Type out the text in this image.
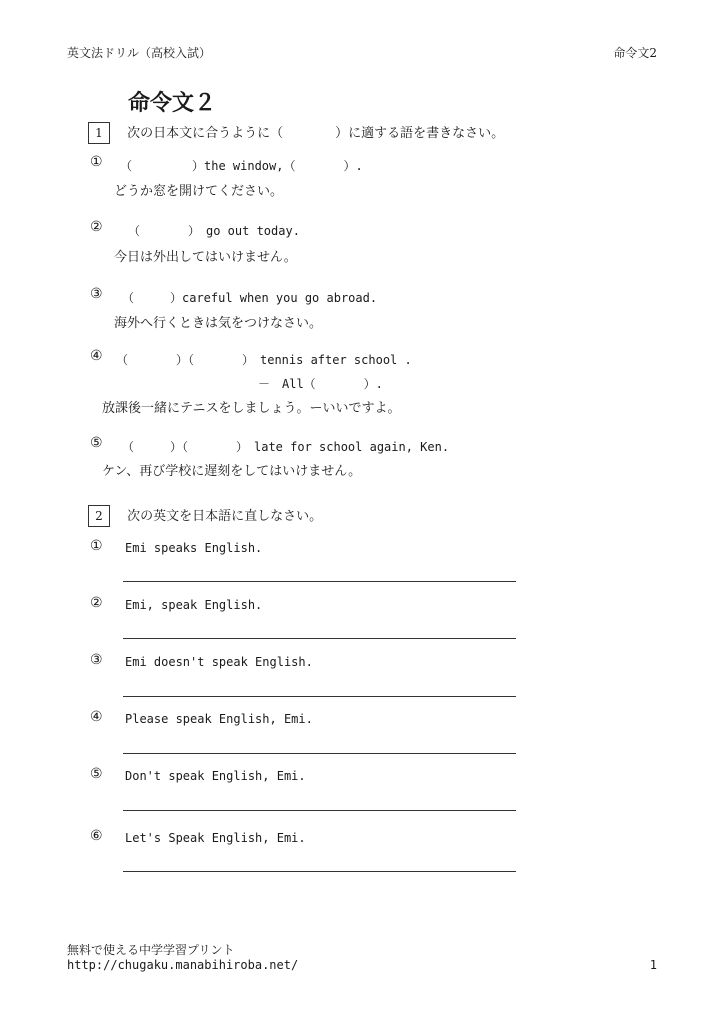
英文法ドリル（高校入試）	命令文2
命令文２
1 次の日本文に合うように（　　　　）に適する語を書きなさい。
① （　　　　　）the window,（　　　　）.
どうか窓を開けてください。
② （　　　　）　go out today.
今日は外出してはいけません。
③ （　　　）careful when you go abroad.
海外へ行くときは気をつけなさい。
④ （　　　　）（　　　　）　tennis after school .
－　All（　　　　）.
放課後一緒にテニスをしましょう。ーいいですよ。
⑤ （　　　）（　　　　）　late for school again, Ken.
ケン、再び学校に遅刻をしてはいけません。
2 次の英文を日本語に直しなさい。
① Emi speaks English.
② Emi, speak English.
③ Emi doesn't speak English.
④ Please speak English, Emi.
⑤ Don't speak English, Emi.
⑥ Let's Speak English, Emi.
無料で使える中学学習プリント
http://chugaku.manabihiroba.net/	1
